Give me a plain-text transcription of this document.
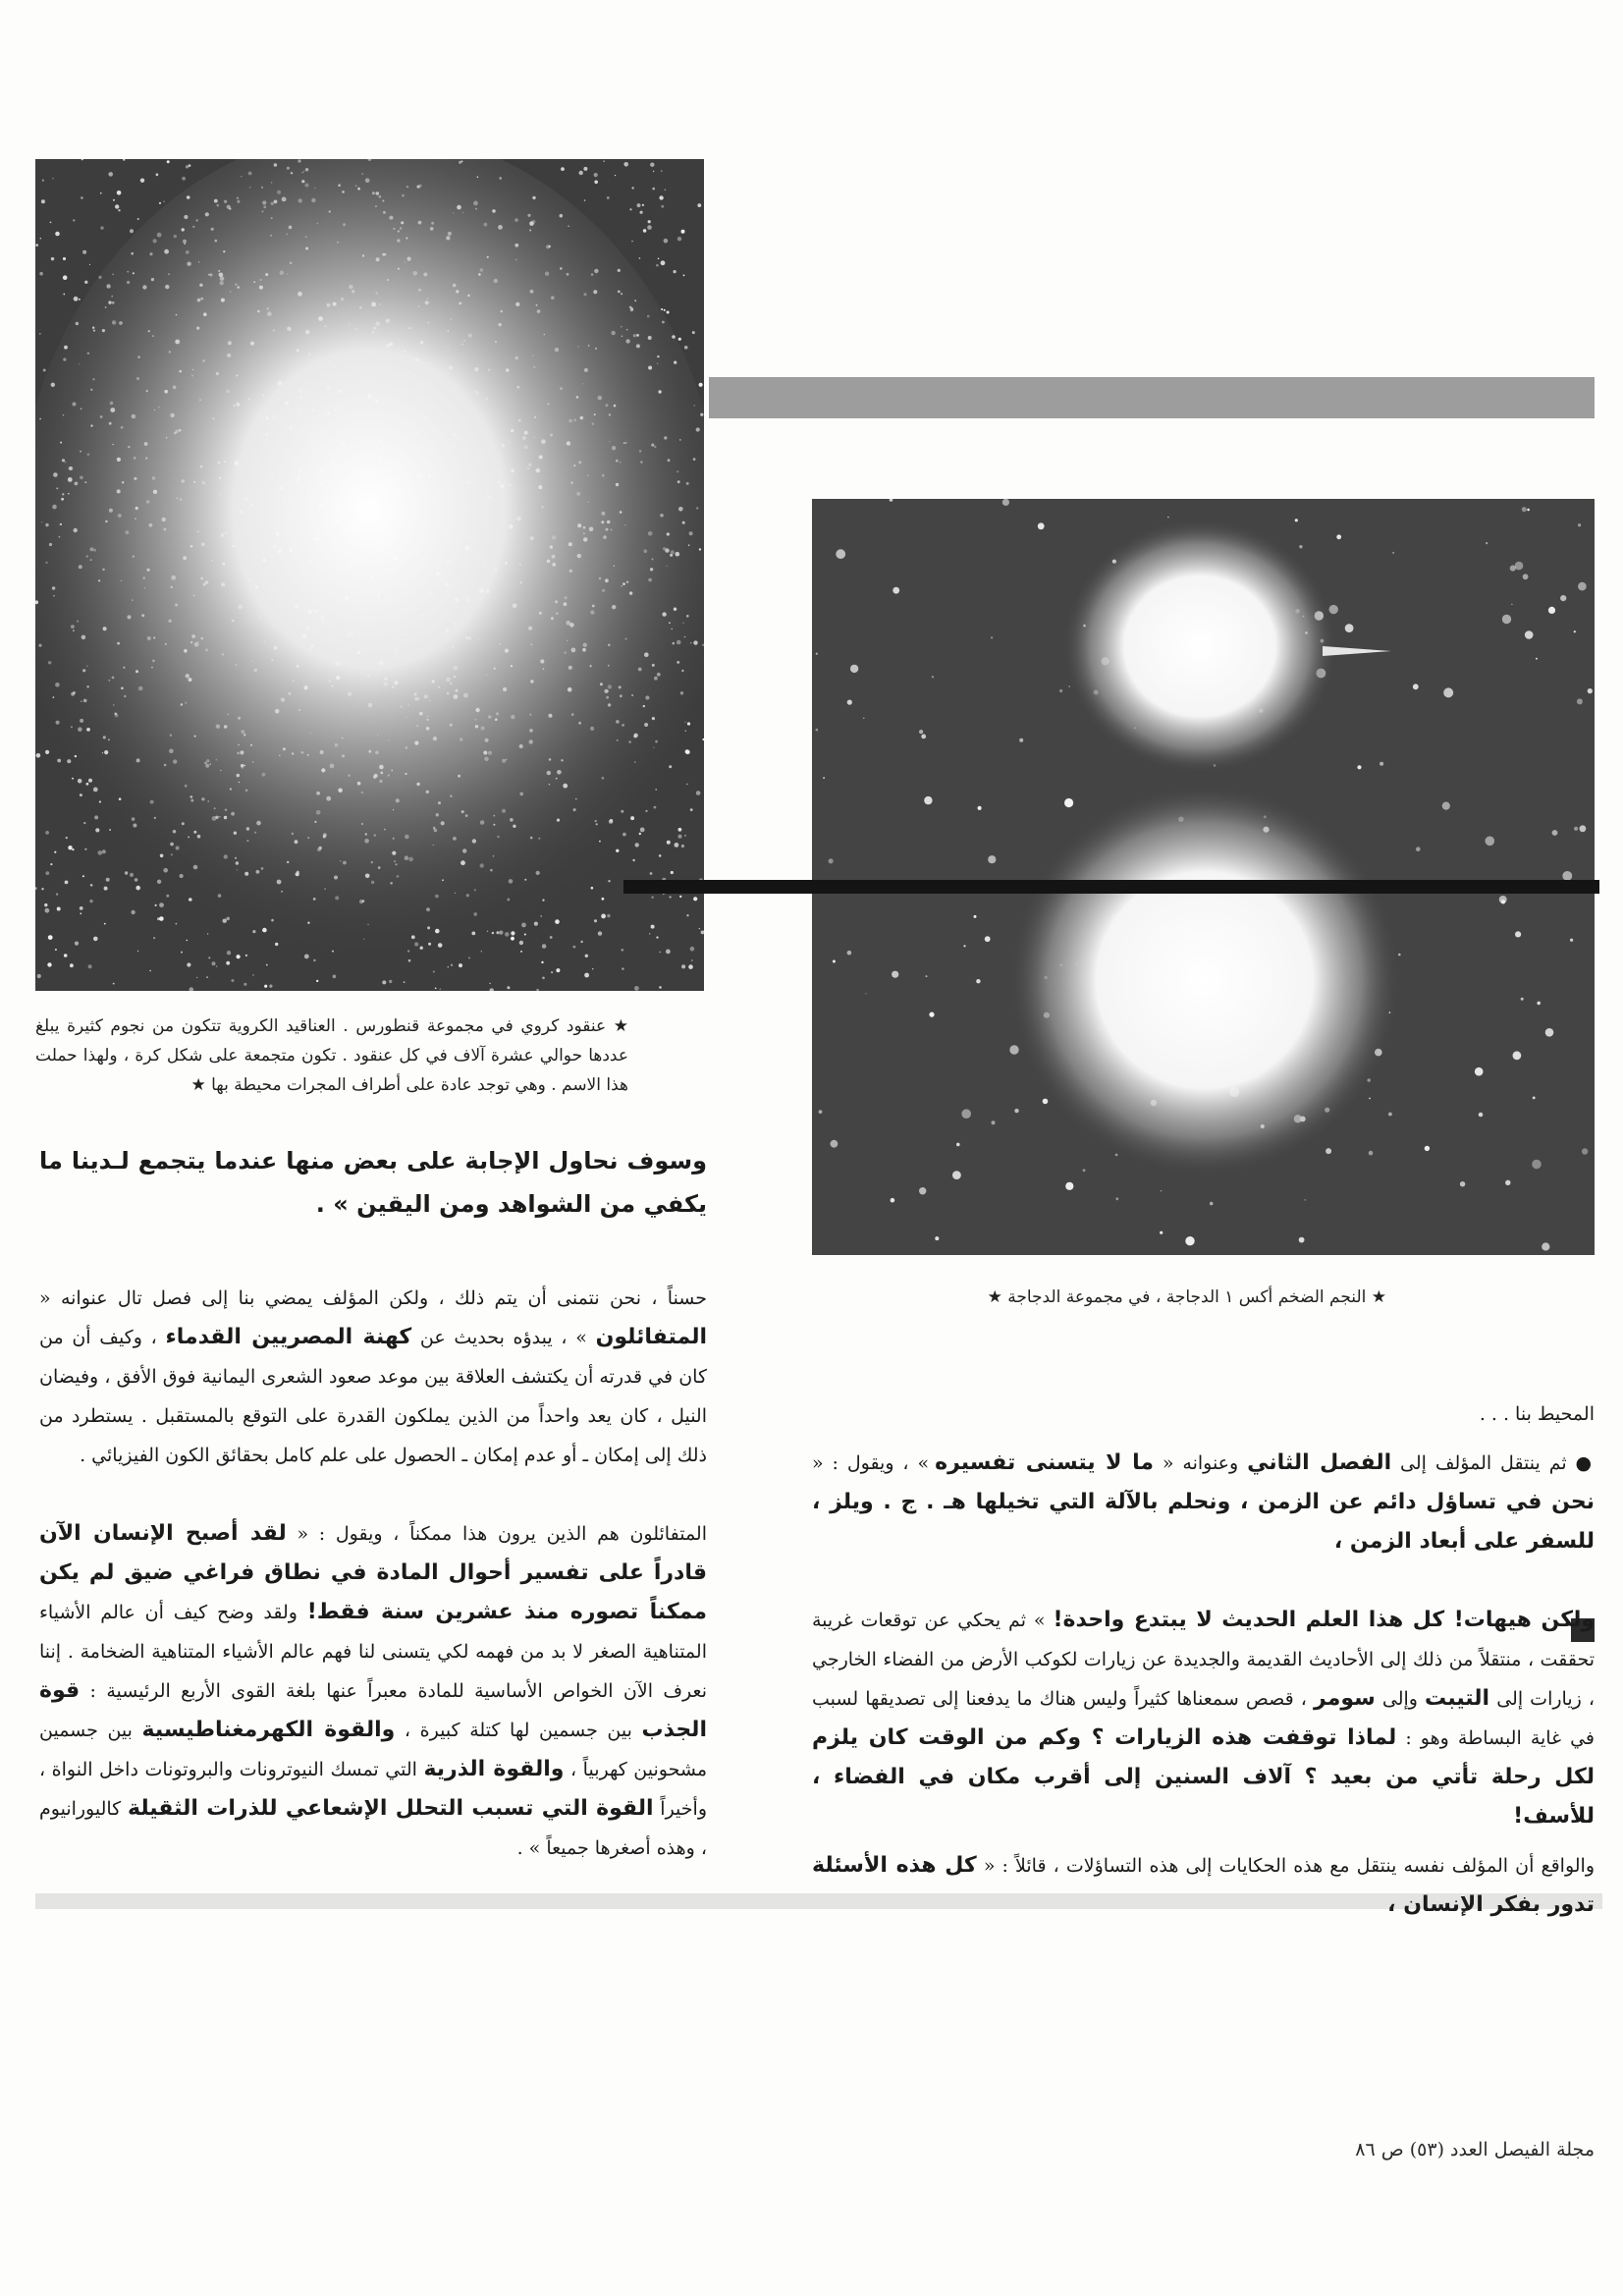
★ عنقود كروي في مجموعة قنطورس . العناقيد الكروية تتكون من نجوم كثيرة يبلغ عددها حوالي عشرة آلاف في كل عنقود . تكون متجمعة على شكل كرة ، ولهذا حملت هذا الاسم . وهي توجد عادة على أطراف المجرات محيطة بها ★

★ النجم الضخم أكس ١ الدجاجة ، في مجموعة الدجاجة ★

وسوف نحاول الإجابة على بعض منها عندما يتجمع لـدينا ما يكفي من الشواهد ومن اليقين » .

حسناً ، نحن نتمنى أن يتم ذلك ، ولكن المؤلف يمضي بنا إلى فصل تال عنوانه « المتفائلون » ، يبدؤه بحديث عن كهنة المصريين القدماء ، وكيف أن من كان في قدرته أن يكتشف العلاقة بين موعد صعود الشعرى اليمانية فوق الأفق ، وفيضان النيل ، كان يعد واحداً من الذين يملكون القدرة على التوقع بالمستقبل . يستطرد من ذلك إلى إمكان ـ أو عدم إمكان ـ الحصول على علم كامل بحقائق الكون الفيزيائي .

المتفائلون هم الذين يرون هذا ممكناً ، ويقول : « لقد أصبح الإنسان الآن قادراً على تفسير أحوال المادة في نطاق فراغي ضيق لم يكن ممكناً تصوره منذ عشرين سنة فقط! ولقد وضح كيف أن عالم الأشياء المتناهية الصغر لا بد من فهمه لكي يتسنى لنا فهم عالم الأشياء المتناهية الضخامة . إننا نعرف الآن الخواص الأساسية للمادة معبراً عنها بلغة القوى الأربع الرئيسية : قوة الجذب بين جسمين لها كتلة كبيرة ، والقوة الكهرمغناطيسية بين جسمين مشحونين كهربياً ، والقوة الذرية التي تمسك النيوترونات والبروتونات داخل النواة ، وأخيراً القوة التي تسبب التحلل الإشعاعي للذرات الثقيلة كاليورانيوم ، وهذه أصغرها جميعاً » .

المحيط بنا . . .

● ثم ينتقل المؤلف إلى الفصل الثاني وعنوانه « ما لا يتسنى تفسيره » ، ويقول : « نحن في تساؤل دائم عن الزمن ، ونحلم بالآلة التي تخيلها هـ . ج . ويلز ، للسفر على أبعاد الزمن ،

ولكن هيهات! كل هذا العلم الحديث لا يبتدع واحدة! » ثم يحكي عن توقعات غريبة تحققت ، منتقلاً من ذلك إلى الأحاديث القديمة والجديدة عن زيارات لكوكب الأرض من الفضاء الخارجي ، زيارات إلى التيبت وإلى سومر ، قصص سمعناها كثيراً وليس هناك ما يدفعنا إلى تصديقها لسبب في غاية البساطة وهو : لماذا توقفت هذه الزيارات ؟ وكم من الوقت كان يلزم لكل رحلة تأتي من بعيد ؟ آلاف السنين إلى أقرب مكان في الفضاء ، للأسف!

والواقع أن المؤلف نفسه ينتقل مع هذه الحكايات إلى هذه التساؤلات ، قائلاً : « كل هذه الأسئلة تدور بفكر الإنسان ،

مجلة الفيصل العدد (٥٣) ص ٨٦
